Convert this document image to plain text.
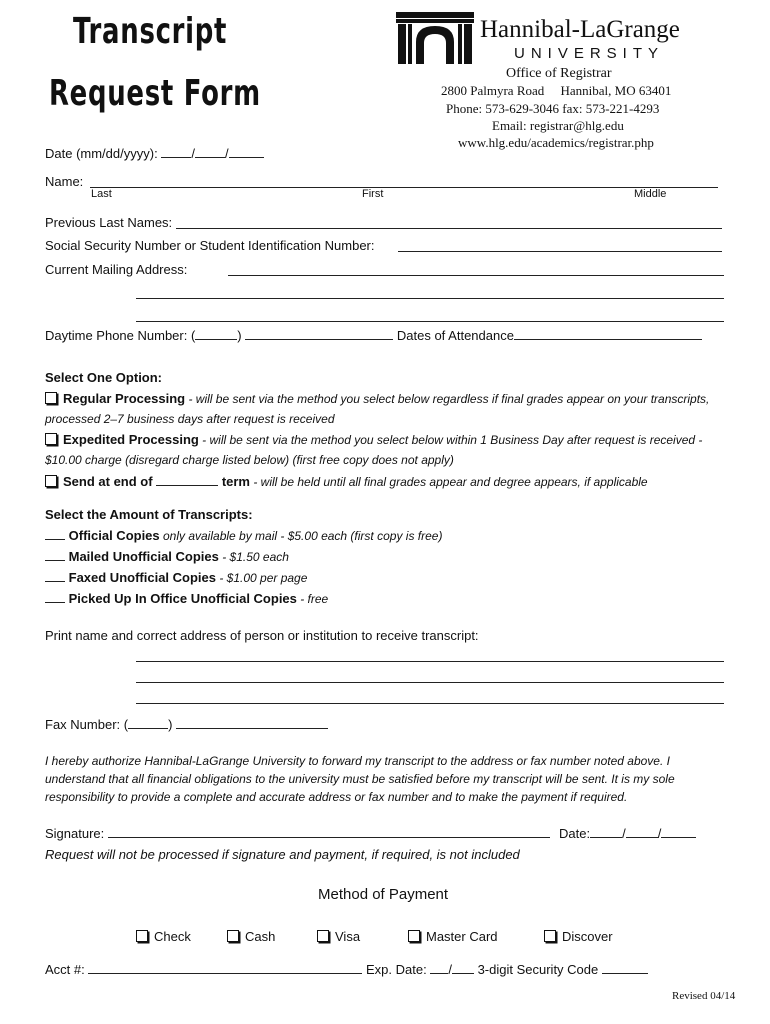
Transcript
Request Form
Hannibal-LaGrange
UNIVERSITY
Office of Registrar
2800 Palmyra Road     Hannibal, MO 63401
Phone: 573-629-3046 fax: 573-221-4293
Email: registrar@hlg.edu
www.hlg.edu/academics/registrar.php
Date (mm/dd/yyyy):	/ /
Name:
Last	First	Middle
Previous Last Names:
Social Security Number or Student Identification Number:
Current Mailing Address:
Daytime Phone Number: (	)	Dates of Attendance
Select One Option:
Regular Processing - will be sent via the method you select below regardless if final grades appear on your transcripts,
processed 2–7 business days after request is received
Expedited Processing - will be sent via the method you select below within 1 Business Day after request is received -
$10.00 charge (disregard charge listed below) (first free copy does not apply)
Send at end of	term - will be held until all final grades appear and degree appears, if applicable
Select the Amount of Transcripts:
Official Copies only available by mail - $5.00 each (first copy is free)
Mailed Unofficial Copies - $1.50 each
Faxed Unofficial Copies - $1.00 per page
Picked Up In Office Unofficial Copies - free
Print name and correct address of person or institution to receive transcript:
Fax Number: (	)
I hereby authorize Hannibal-LaGrange University to forward my transcript to the address or fax number noted above. I understand that all financial obligations to the university must be satisfied before my transcript will be sent. It is my sole responsibility to provide a complete and accurate address or fax number and to make the payment if required.
Signature:	Date: / /
Request will not be processed if signature and payment, if required, is not included
Method of Payment
Check	Cash	Visa	Master Card	Discover
Acct #:	Exp. Date: / 3-digit Security Code
Revised 04/14
